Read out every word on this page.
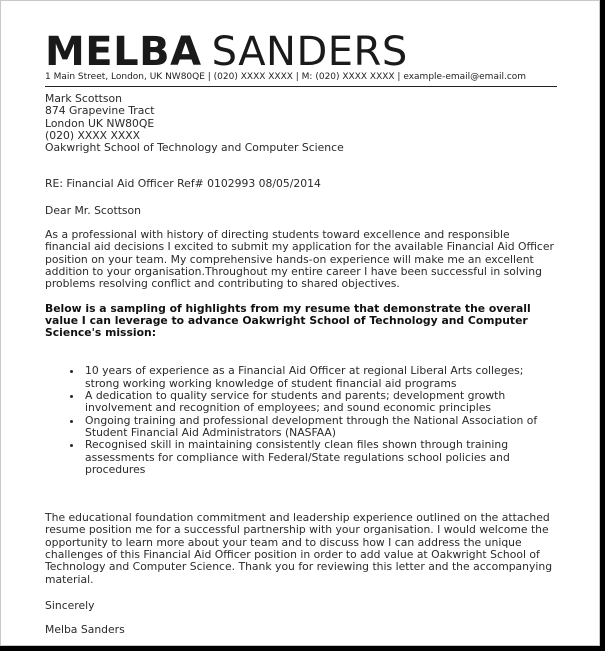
MELBA SANDERS
1 Main Street, London, UK NW80QE | (020) XXXX XXXX | M: (020) XXXX XXXX | example-email@email.com

Mark Scottson

874 Grapevine Tract

London UK NW80QE

(020) XXXX XXXX

Oakwright School of Technology and Computer Science

RE: Financial Aid Officer Ref# 0102993 08/05/2014

Dear Mr. Scottson

As a professional with history of directing students toward excellence and responsible financial aid decisions I excited to submit my application for the available Financial Aid Officer position on your team. My comprehensive hands-on experience will make me an excellent addition to your organisation.Throughout my entire career I have been successful in solving problems resolving conflict and contributing to shared objectives.

Below is a sampling of highlights from my resume that demonstrate the overall value I can leverage to advance Oakwright School of Technology and Computer Science's mission:

• 10 years of experience as a Financial Aid Officer at regional Liberal Arts colleges; strong working working knowledge of student financial aid programs
• A dedication to quality service for students and parents; development growth involvement and recognition of employees; and sound economic principles
• Ongoing training and professional development through the National Association of Student Financial Aid Administrators (NASFAA)
• Recognised skill in maintaining consistently clean files shown through training assessments for compliance with Federal/State regulations school policies and procedures

The educational foundation commitment and leadership experience outlined on the attached resume position me for a successful partnership with your organisation. I would welcome the opportunity to learn more about your team and to discuss how I can address the unique challenges of this Financial Aid Officer position in order to add value at Oakwright School of Technology and Computer Science. Thank you for reviewing this letter and the accompanying material.

Sincerely

Melba Sanders
